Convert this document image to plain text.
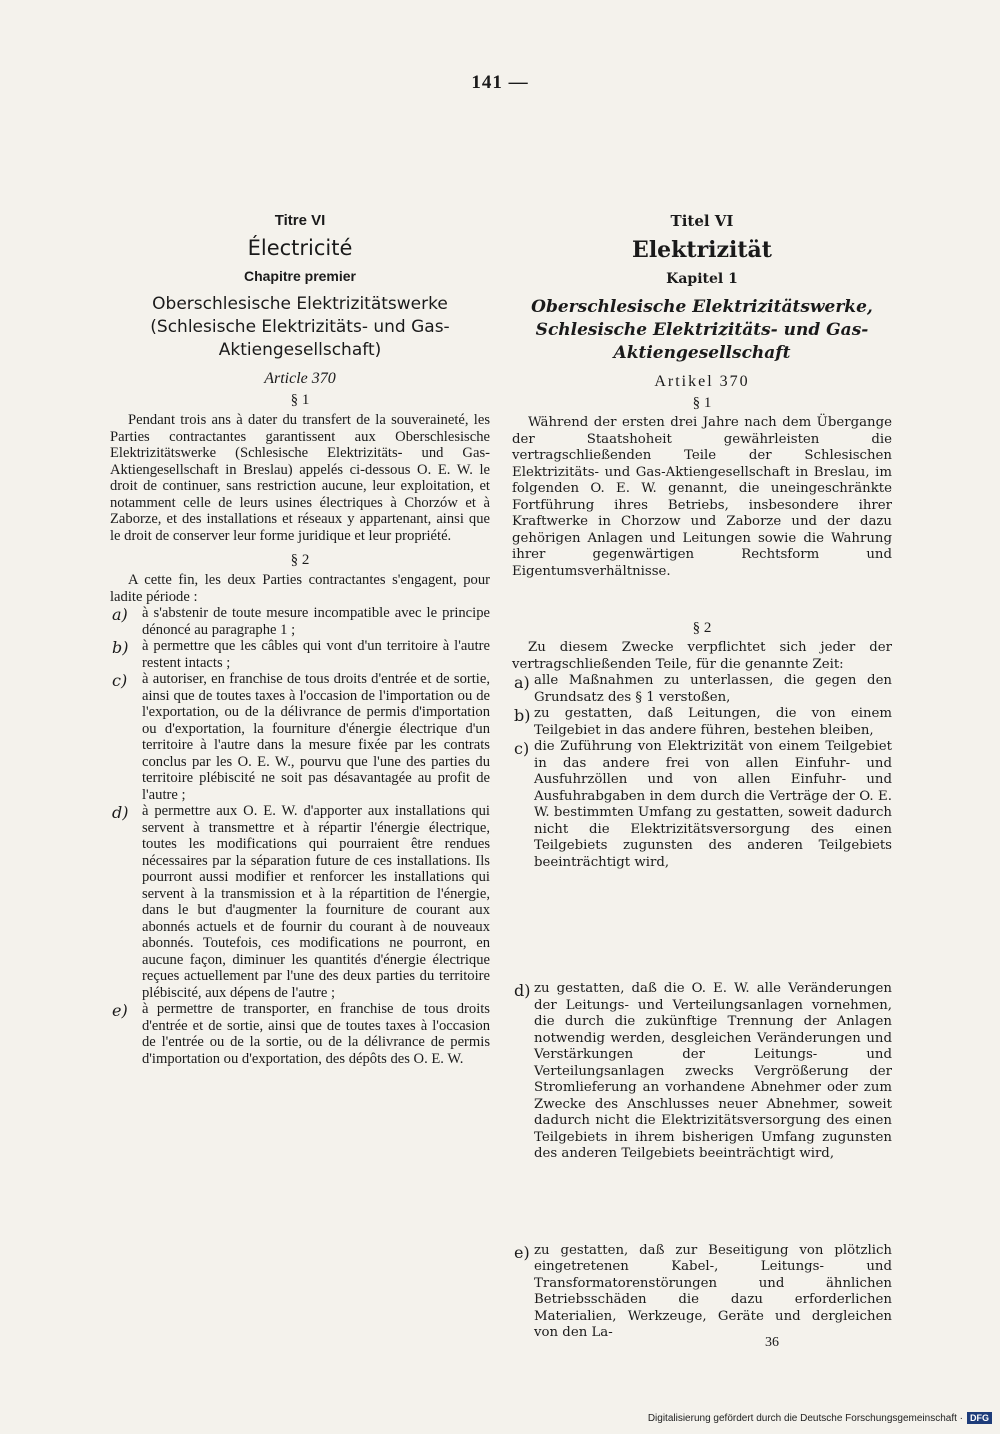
141 —
Titre VI
Électricité
Chapitre premier
Oberschlesische Elektrizitätswerke (Schlesische Elektrizitäts- und Gas-Aktiengesellschaft)
Article 370
§ 1

Pendant trois ans à dater du transfert de la souveraineté, les Parties contractantes garantissent aux Oberschlesische Elektrizitätswerke (Schlesische Elektrizitäts- und Gas-Aktiengesellschaft in Breslau) appelés ci-dessous O. E. W. le droit de continuer, sans restriction aucune, leur exploitation, et notamment celle de leurs usines électriques à Chorzów et à Zaborze, et des installations et réseaux y appartenant, ainsi que le droit de conserver leur forme juridique et leur propriété.

§ 2

A cette fin, les deux Parties contractantes s'engagent, pour ladite période :

a) à s'abstenir de toute mesure incompatible avec le principe dénoncé au paragraphe 1 ;
b) à permettre que les câbles qui vont d'un territoire à l'autre restent intacts ;
c) à autoriser, en franchise de tous droits d'entrée et de sortie, ainsi que de toutes taxes à l'occasion de l'importation ou de l'exportation, ou de la délivrance de permis d'importation ou d'exportation, la fourniture d'énergie électrique d'un territoire à l'autre dans la mesure fixée par les contrats conclus par les O. E. W., pourvu que l'une des parties du territoire plébiscité ne soit pas désavantagée au profit de l'autre ;
d) à permettre aux O. E. W. d'apporter aux installations qui servent à transmettre et à répartir l'énergie électrique, toutes les modifications qui pourraient être rendues nécessaires par la séparation future de ces installations. Ils pourront aussi modifier et renforcer les installations qui servent à la transmission et à la répartition de l'énergie, dans le but d'augmenter la fourniture de courant aux abonnés actuels et de fournir du courant à de nouveaux abonnés. Toutefois, ces modifications ne pourront, en aucune façon, diminuer les quantités d'énergie électrique reçues actuellement par l'une des deux parties du territoire plébiscité, aux dépens de l'autre ;
e) à permettre de transporter, en franchise de tous droits d'entrée et de sortie, ainsi que de toutes taxes à l'occasion de l'entrée ou de la sortie, ou de la délivrance de permis d'importation ou d'exportation, des dépôts des O. E. W.
Titel VI
Elektrizität
Kapitel 1
Oberschlesische Elektrizitätswerke, Schlesische Elektrizitäts- und Gas-Aktiengesellschaft
Artikel 370
§ 1

Während der ersten drei Jahre nach dem Übergange der Staatshoheit gewährleisten die vertragschließenden Teile der Schlesischen Elektrizitäts- und Gas-Aktiengesellschaft in Breslau, im folgenden O. E. W. genannt, die uneingeschränkte Fortführung ihres Betriebs, insbesondere ihrer Kraftwerke in Chorzow und Zaborze und der dazu gehörigen Anlagen und Leitungen sowie die Wahrung ihrer gegenwärtigen Rechtsform und Eigentumsverhältnisse.

§ 2

Zu diesem Zwecke verpflichtet sich jeder der vertragschließenden Teile, für die genannte Zeit:

a) alle Maßnahmen zu unterlassen, die gegen den Grundsatz des § 1 verstoßen,
b) zu gestatten, daß Leitungen, die von einem Teilgebiet in das andere führen, bestehen bleiben,
c) die Zuführung von Elektrizität von einem Teilgebiet in das andere frei von allen Einfuhr- und Ausfuhrzöllen und von allen Einfuhr- und Ausfuhrabgaben in dem durch die Verträge der O. E. W. bestimmten Umfang zu gestatten, soweit dadurch nicht die Elektrizitätsversorgung des einen Teilgebiets zugunsten des anderen Teilgebiets beeinträchtigt wird,
d) zu gestatten, daß die O. E. W. alle Veränderungen der Leitungs- und Verteilungsanlagen vornehmen, die durch die zukünftige Trennung der Anlagen notwendig werden, desgleichen Veränderungen und Verstärkungen der Leitungs- und Verteilungsanlagen zwecks Vergrößerung der Stromlieferung an vorhandene Abnehmer oder zum Zwecke des Anschlusses neuer Abnehmer, soweit dadurch nicht die Elektrizitätsversorgung des einen Teilgebiets in ihrem bisherigen Umfang zugunsten des anderen Teilgebiets beeinträchtigt wird,
e) zu gestatten, daß zur Beseitigung von plötzlich eingetretenen Kabel-, Leitungs- und Transformatorenstörungen und ähnlichen Betriebsschäden die dazu erforderlichen Materialien, Werkzeuge, Geräte und dergleichen von den La-
36
Digitalisierung gefördert durch die Deutsche Forschungsgemeinschaft · DFG
